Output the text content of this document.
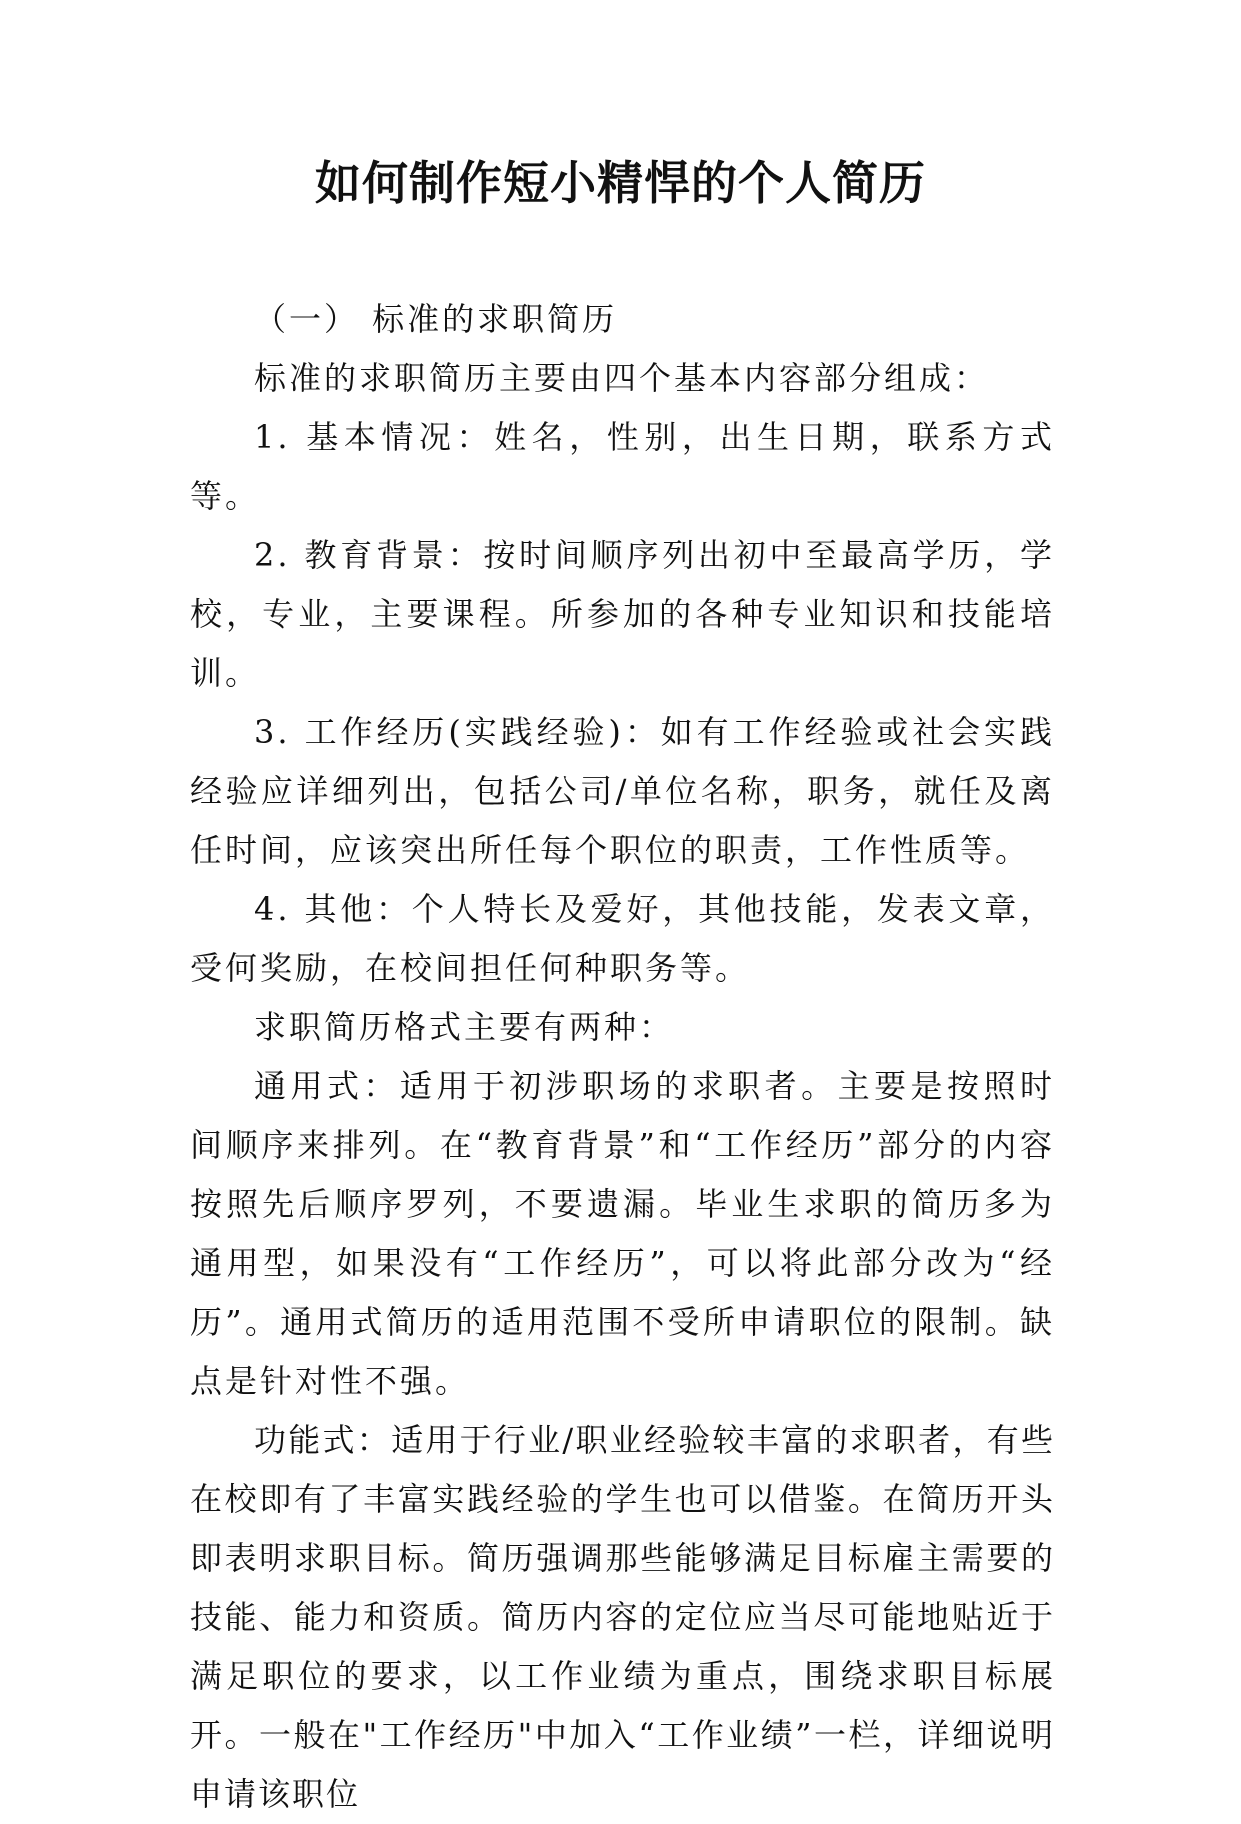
如何制作短小精悍的个人简历

（一） 标准的求职简历

标准的求职简历主要由四个基本内容部分组成：

1. 基本情况：姓名，性别，出生日期，联系方式等。

2. 教育背景：按时间顺序列出初中至最高学历，学校，专业，主要课程。所参加的各种专业知识和技能培训。

3. 工作经历(实践经验)：如有工作经验或社会实践经验应详细列出，包括公司/单位名称，职务，就任及离任时间，应该突出所任每个职位的职责，工作性质等。

4. 其他：个人特长及爱好，其他技能，发表文章，受何奖励，在校间担任何种职务等。

求职简历格式主要有两种：

通用式：适用于初涉职场的求职者。主要是按照时间顺序来排列。在“教育背景”和“工作经历”部分的内容按照先后顺序罗列，不要遗漏。毕业生求职的简历多为通用型，如果没有“工作经历”，可以将此部分改为“经历”。通用式简历的适用范围不受所申请职位的限制。缺点是针对性不强。

功能式：适用于行业/职业经验较丰富的求职者，有些在校即有了丰富实践经验的学生也可以借鉴。在简历开头即表明求职目标。简历强调那些能够满足目标雇主需要的技能、能力和资质。简历内容的定位应当尽可能地贴近于满足职位的要求，以工作业绩为重点，围绕求职目标展开。一般在"工作经历"中加入“工作业绩”一栏，详细说明申请该职位
